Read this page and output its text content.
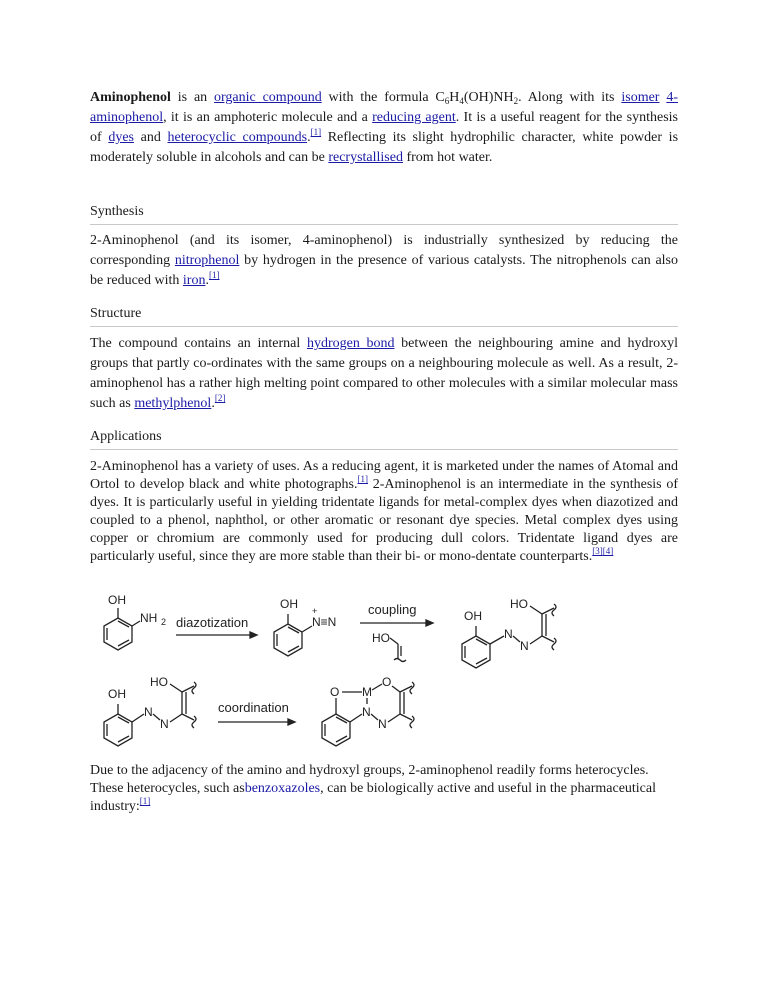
Aminophenol is an organic compound with the formula $C_6H_4(OH)NH_2$. Along with its isomer 4-aminophenol, it is an amphoteric molecule and a reducing agent. It is a useful reagent for the synthesis of dyes and heterocyclic compounds.[1] Reflecting its slight hydrophilic character, white powder is moderately soluble in alcohols and can be recrystallised from hot water.

Synthesis

2-Aminophenol (and its isomer, 4-aminophenol) is industrially synthesized by reducing the corresponding nitrophenol by hydrogen in the presence of various catalysts. The nitrophenols can also be reduced with iron.[1]

Structure

The compound contains an internal hydrogen bond between the neighbouring amine and hydroxyl groups that partly co-ordinates with the same groups on a neighbouring molecule as well. As a result, 2-aminophenol has a rather high melting point compared to other molecules with a similar molecular mass such as methylphenol.[2]

Applications

2-Aminophenol has a variety of uses. As a reducing agent, it is marketed under the names of Atomal and Ortol to develop black and white photographs.[1] 2-Aminophenol is an intermediate in the synthesis of dyes. It is particularly useful in yielding tridentate ligands for metal-complex dyes when diazotized and coupled to a phenol, naphthol, or other aromatic or resonant dye species. Metal complex dyes using copper or chromium are commonly used for producing dull colors. Tridentate ligand dyes are particularly useful, since they are more stable than their bi- or mono-dentate counterparts.[3][4]

OH
NH 2 diazotization
OH +
N≡N
coupling
HO
OH
N
N
HO
OH
N
N
HO
coordination
O M
O
N
N

Due to the adjacency of the amino and hydroxyl groups, 2-aminophenol readily forms heterocycles. These heterocycles, such asbenzoxazoles, can be biologically active and useful in the pharmaceutical industry:[1]
